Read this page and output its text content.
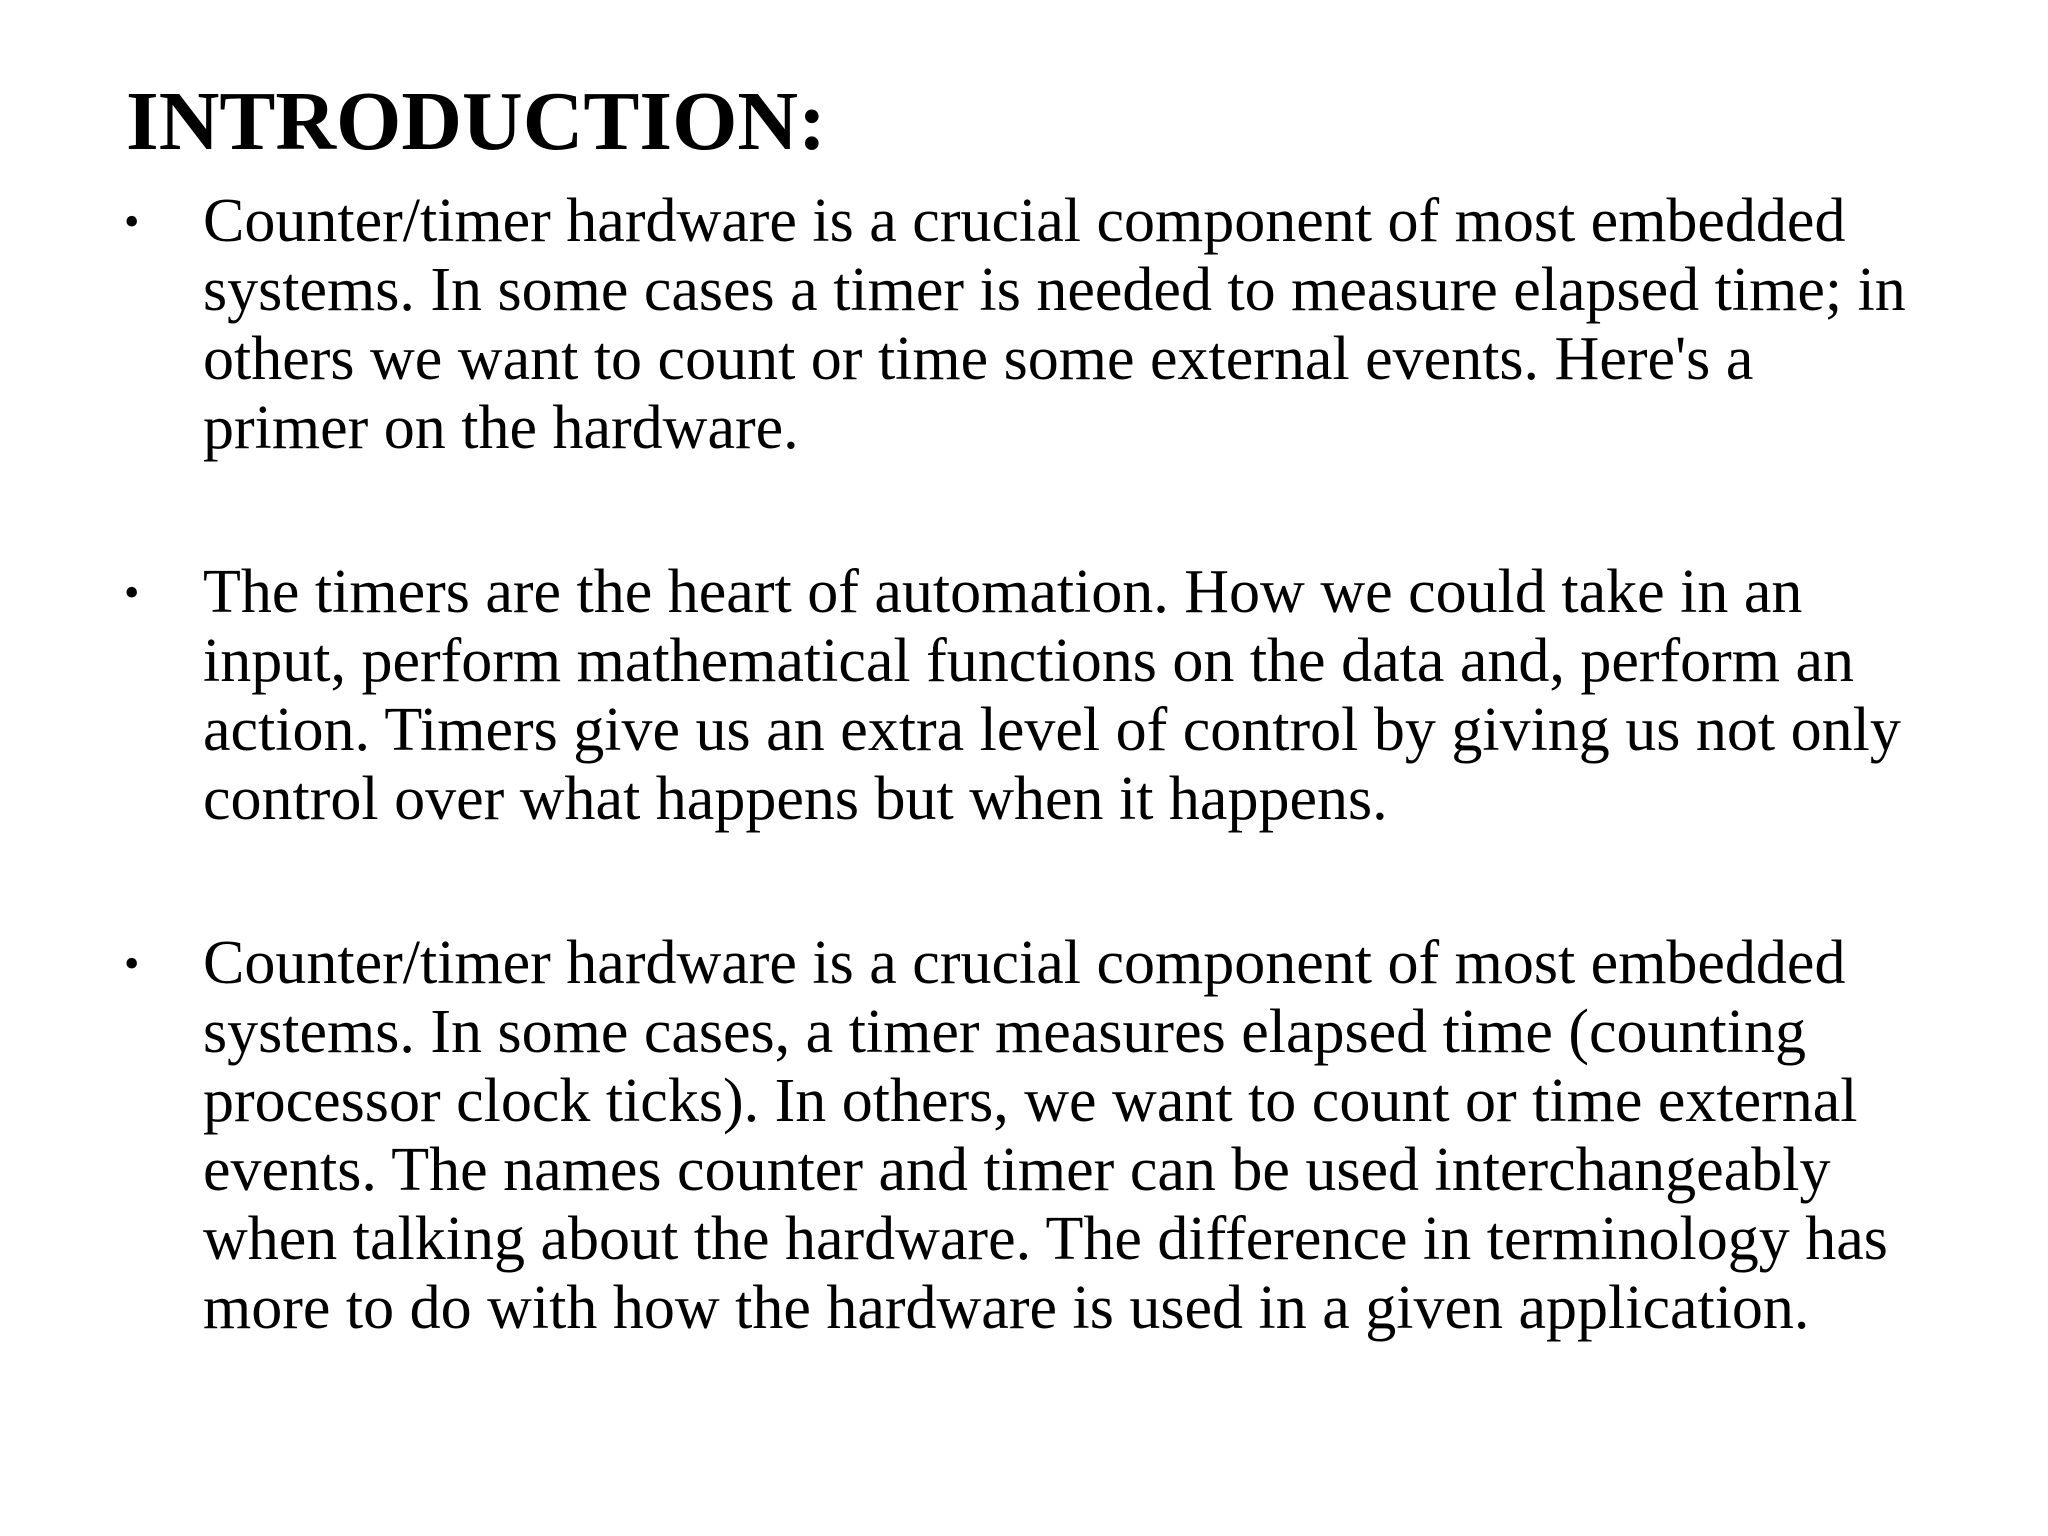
INTRODUCTION:
• Counter/timer hardware is a crucial component of most embedded
systems. In some cases a timer is needed to measure elapsed time; in
others we want to count or time some external events. Here's a
primer on the hardware.

• The timers are the heart of automation. How we could take in an
input, perform mathematical functions on the data and, perform an
action. Timers give us an extra level of control by giving us not only
control over what happens but when it happens.

• Counter/timer hardware is a crucial component of most embedded
systems. In some cases, a timer measures elapsed time (counting
processor clock ticks). In others, we want to count or time external
events. The names counter and timer can be used interchangeably
when talking about the hardware. The difference in terminology has
more to do with how the hardware is used in a given application.
